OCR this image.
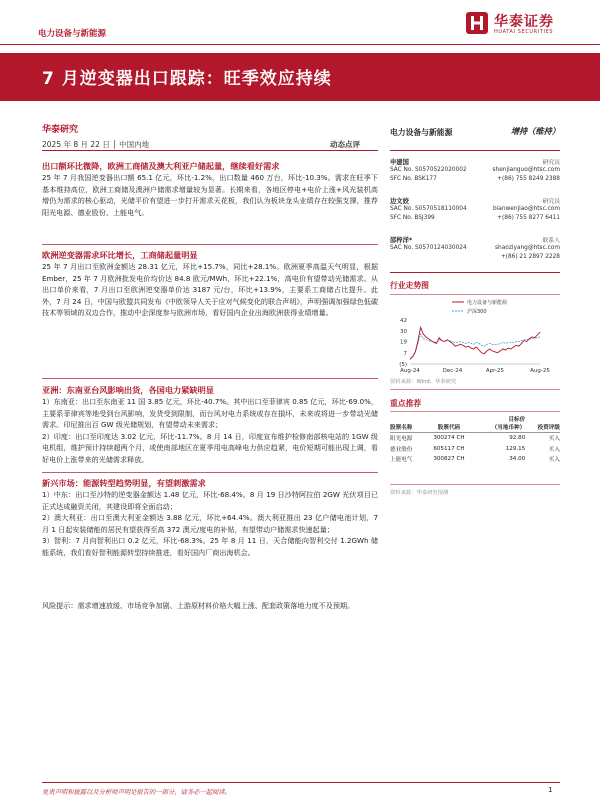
电力设备与新能源
华泰证券
HUATAI SECURITIES
7 月逆变器出口跟踪：旺季效应持续
华泰研究
2025 年 8 月 22 日 │ 中国内地	动态点评
出口额环比微降，欧洲工商储及澳大利亚户储起量，继续看好需求
25 年 7 月我国逆变器出口额 65.1 亿元，环比-1.2%，出口数量 460 万台，环比-10.3%。需求在旺季下基本维持高位，欧洲工商储及澳洲户储需求增量较为显著。长期来看，各地区停电+电价上涨+风光装机高增仍为需求的核心驱动，光储平价有望进一步打开需求天花板，我们认为板块龙头业绩存在较强支撑，推荐阳光电源、德业股份、上能电气。
欧洲逆变器需求环比增长，工商储起量明显
25 年 7 月出口至欧洲金额达 28.31 亿元，环比+15.7%，同比+28.1%。欧洲夏季高温天气明显，根据 Ember，25 年 7 月欧洲批发电价均价达 84.8 欧元/MWh，环比+22.1%，高电价有望带动光储需求。从出口单价来看，7 月出口至欧洲逆变器单价达 3187 元/台，环比+13.9%，主要系工商储占比提升。此外，7 月 24 日，中国与欧盟共同发布《中欧领导人关于应对气候变化的联合声明》，声明强调加强绿色低碳技术等领域的双边合作，推动中企深度参与欧洲市场，看好国内企业出海欧洲获得业绩增量。
亚洲：东南亚台风影响出货，各国电力紧缺明显
1）东南亚：出口至东南亚 11 国 3.85 亿元，环比-40.7%。其中出口至菲律宾 0.85 亿元，环比-69.0%，主要系菲律宾等地受到台风影响，发货受到限制，而台风对电力系统或存在損坏，未来或将进一步带动光储需求。印尼推出百 GW 级光储规划，有望带动未来需求；
2）印度：出口至印度达 3.02 亿元，环比-11.7%。8 月 14 日，印度宣布维护检修南部核电站的 1GW 级电机组，维护预计持续超两个月，或使南部地区在夏季用电高峰电力供应趋紧，电价短期可能出现上调，看好电价上涨带来的光储需求释放。
新兴市场：能源转型趋势明显，有望刺激需求
1）中东：出口至沙特的逆变器金额达 1.48 亿元，环比-68.4%。8 月 19 日沙特阿拉伯 2GW 光伏项目已正式达成融资关闭，其建设即将全面启动；
2）澳大利亚：出口至澳大利亚金额达 3.88 亿元，环比+64.4%。澳大利亚推出 23 亿户储电池计划，7 月 1 日起安装储能的居民有望获得至高 372 澳元/度电的补贴，有望带动户储需求快速起量；
3）智利：7 月向智利出口 0.2 亿元，环比-68.3%。25 年 8 月 11 日，天合储能向智利交付 1.2GWh 储能系统，我们看好智利能源转型持续推进，看好国内厂商出海机会。
风险提示：需求增速放缓、市场竞争加剧、上游原材料价格大幅上涨、配套政策落地力度不及预期。
电力设备与新能源	增持（维持）
申建国	研究员
SAC No. S0570522020002	shenjianguo@htsc.com
SFC No. BSK177	+(86) 755 8249 2388
边文姣	研究员
SAC No. S0570518110004	bianwenjiao@htsc.com
SFC No. BSJ399	+(86) 755 8277 6411
邵梓洋*	联系人
SAC No. S0570124030024	shaoziyang@htsc.com
+(86) 21 2897 2228
行业走势图
电力设备与新能源
沪深300
42
30
19
7
(5)
Aug-24	Dec-24	Apr-25	Aug-25
资料来源：Wind，华泰研究
重点推荐
股票名称	股票代码	目标价
（当地币种）	投资评级
阳光电源	300274 CH	92.80	买入
德业股份	605117 CH	129.15	买入
上能电气	300827 CH	34.00	买入
资料来源：华泰研究预测
免责声明和披露以及分析师声明是报告的一部分，请务必一起阅读。	1
